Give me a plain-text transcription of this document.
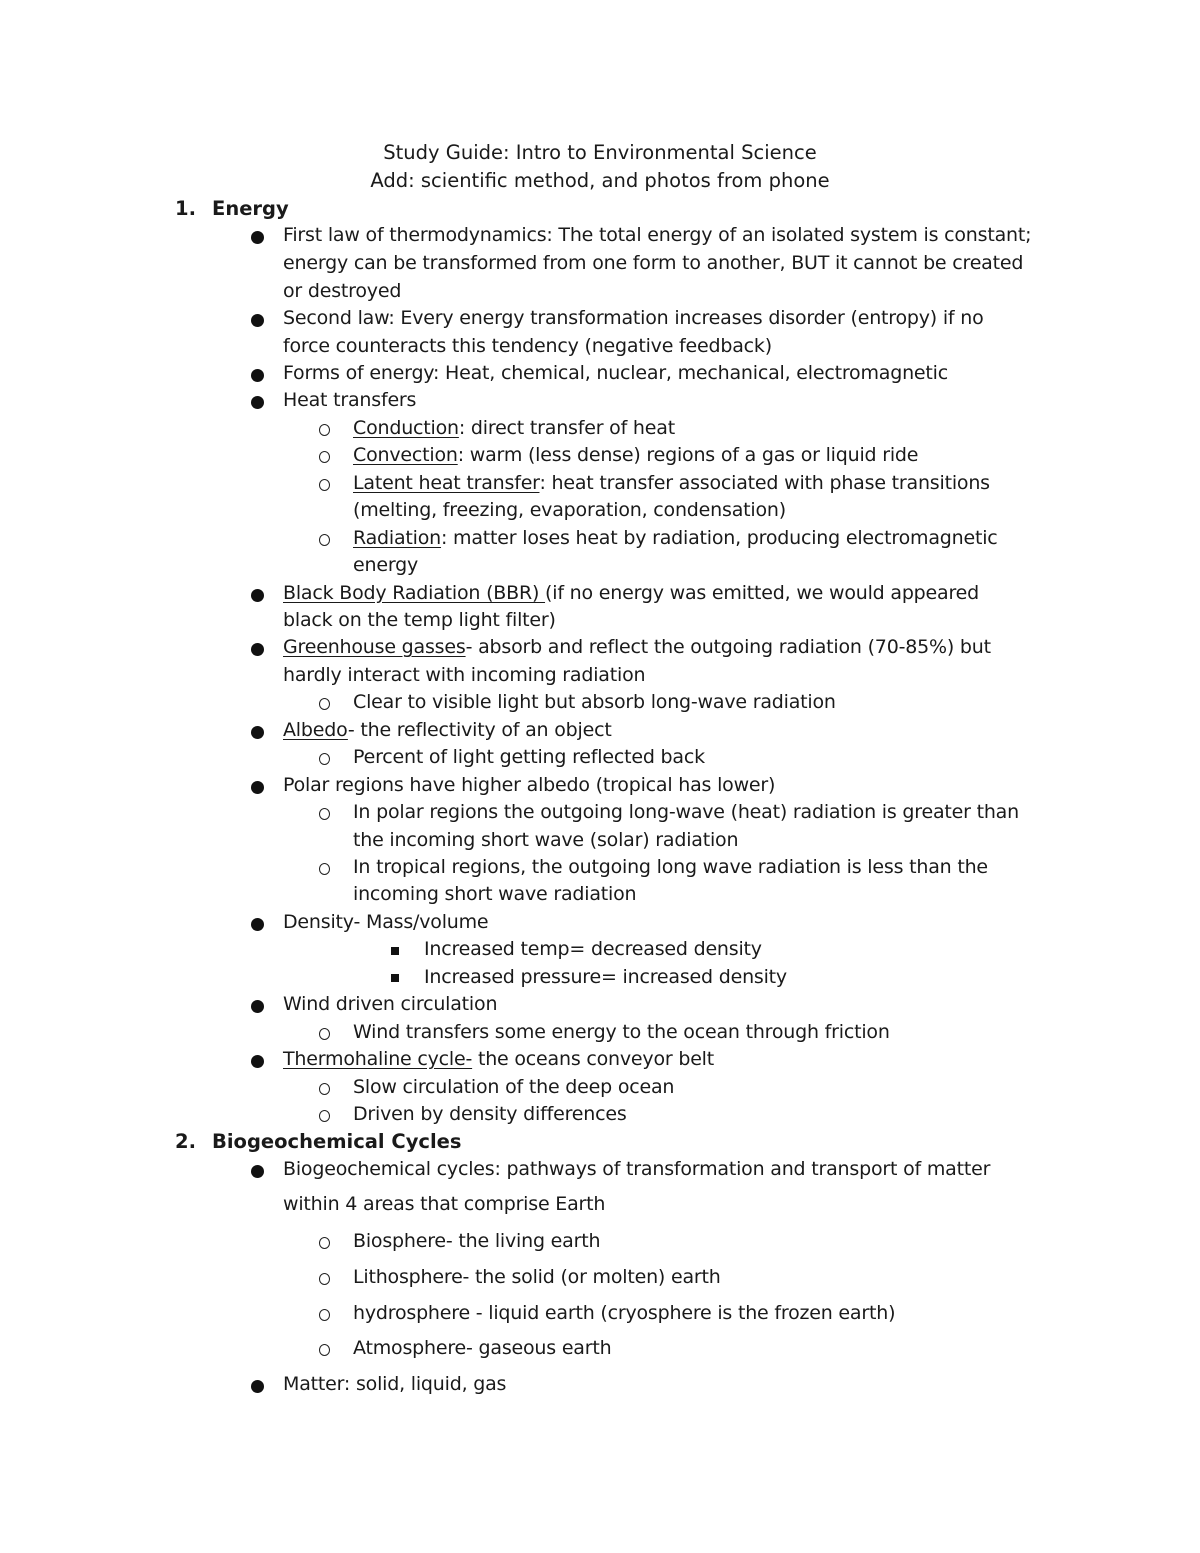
Study Guide: Intro to Environmental Science
Add: scientific method, and photos from phone
1. Energy
First law of thermodynamics: The total energy of an isolated system is constant;
energy can be transformed from one form to another, BUT it cannot be created
or destroyed
Second law: Every energy transformation increases disorder (entropy) if no
force counteracts this tendency (negative feedback)
Forms of energy: Heat, chemical, nuclear, mechanical, electromagnetic
Heat transfers
Conduction: direct transfer of heat
Convection: warm (less dense) regions of a gas or liquid ride
Latent heat transfer: heat transfer associated with phase transitions
(melting, freezing, evaporation, condensation)
Radiation: matter loses heat by radiation, producing electromagnetic
energy
Black Body Radiation (BBR) (if no energy was emitted, we would appeared
black on the temp light filter)
Greenhouse gasses- absorb and reflect the outgoing radiation (70-85%) but
hardly interact with incoming radiation
Clear to visible light but absorb long-wave radiation
Albedo- the reflectivity of an object
Percent of light getting reflected back
Polar regions have higher albedo (tropical has lower)
In polar regions the outgoing long-wave (heat) radiation is greater than
the incoming short wave (solar) radiation
In tropical regions, the outgoing long wave radiation is less than the
incoming short wave radiation
Density- Mass/volume
Increased temp= decreased density
Increased pressure= increased density
Wind driven circulation
Wind transfers some energy to the ocean through friction
Thermohaline cycle- the oceans conveyor belt
Slow circulation of the deep ocean
Driven by density differences
2. Biogeochemical Cycles
Biogeochemical cycles: pathways of transformation and transport of matter
within 4 areas that comprise Earth
Biosphere- the living earth
Lithosphere- the solid (or molten) earth
hydrosphere - liquid earth (cryosphere is the frozen earth)
Atmosphere- gaseous earth
Matter: solid, liquid, gas
